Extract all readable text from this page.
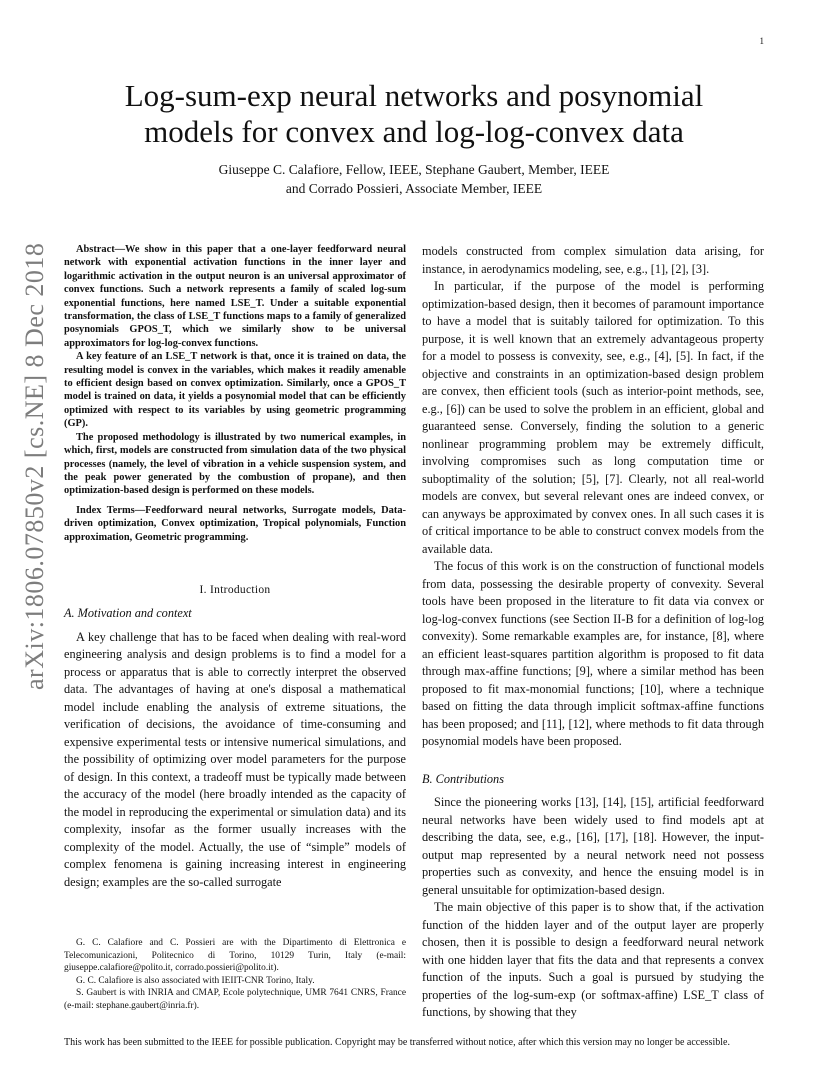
1
arXiv:1806.07850v2 [cs.NE] 8 Dec 2018
Log-sum-exp neural networks and posynomial
models for convex and log-log-convex data
Giuseppe C. Calafiore, Fellow, IEEE, Stephane Gaubert, Member, IEEE
and Corrado Possieri, Associate Member, IEEE

Abstract—We show in this paper that a one-layer feedforward neural network with exponential activation functions in the inner layer and logarithmic activation in the output neuron is an universal approximator of convex functions. Such a network represents a family of scaled log-sum exponential functions, here named LSE_T. Under a suitable exponential transformation, the class of LSE_T functions maps to a family of generalized posynomials GPOS_T, which we similarly show to be universal approximators for log-log-convex functions.

A key feature of an LSE_T network is that, once it is trained on data, the resulting model is convex in the variables, which makes it readily amenable to efficient design based on convex optimization. Similarly, once a GPOS_T model is trained on data, it yields a posynomial model that can be efficiently optimized with respect to its variables by using geometric programming (GP).

The proposed methodology is illustrated by two numerical examples, in which, first, models are constructed from simulation data of the two physical processes (namely, the level of vibration in a vehicle suspension system, and the peak power generated by the combustion of propane), and then optimization-based design is performed on these models.

Index Terms—Feedforward neural networks, Surrogate models, Data-driven optimization, Convex optimization, Tropical polynomials, Function approximation, Geometric programming.
I. Introduction
A. Motivation and context

A key challenge that has to be faced when dealing with real-word engineering analysis and design problems is to find a model for a process or apparatus that is able to correctly interpret the observed data. The advantages of having at one's disposal a mathematical model include enabling the analysis of extreme situations, the verification of decisions, the avoidance of time-consuming and expensive experimental tests or intensive numerical simulations, and the possibility of optimizing over model parameters for the purpose of design. In this context, a tradeoff must be typically made between the accuracy of the model (here broadly intended as the capacity of the model in reproducing the experimental or simulation data) and its complexity, insofar as the former usually increases with the complexity of the model. Actually, the use of “simple” models of complex fenomena is gaining increasing interest in engineering design; examples are the so-called surrogate

models constructed from complex simulation data arising, for instance, in aerodynamics modeling, see, e.g., [1], [2], [3].

In particular, if the purpose of the model is performing optimization-based design, then it becomes of paramount importance to have a model that is suitably tailored for optimization. To this purpose, it is well known that an extremely advantageous property for a model to possess is convexity, see, e.g., [4], [5]. In fact, if the objective and constraints in an optimization-based design problem are convex, then efficient tools (such as interior-point methods, see, e.g., [6]) can be used to solve the problem in an efficient, global and guaranteed sense. Conversely, finding the solution to a generic nonlinear programming problem may be extremely difficult, involving compromises such as long computation time or suboptimality of the solution; [5], [7]. Clearly, not all real-world models are convex, but several relevant ones are indeed convex, or can anyways be approximated by convex ones. In all such cases it is of critical importance to be able to construct convex models from the available data.

The focus of this work is on the construction of functional models from data, possessing the desirable property of convexity. Several tools have been proposed in the literature to fit data via convex or log-log-convex functions (see Section II-B for a definition of log-log convexity). Some remarkable examples are, for instance, [8], where an efficient least-squares partition algorithm is proposed to fit data through max-affine functions; [9], where a similar method has been proposed to fit max-monomial functions; [10], where a technique based on fitting the data through implicit softmax-affine functions has been proposed; and [11], [12], where methods to fit data through posynomial models have been proposed.

B. Contributions

Since the pioneering works [13], [14], [15], artificial feedforward neural networks have been widely used to find models apt at describing the data, see, e.g., [16], [17], [18]. However, the input-output map represented by a neural network need not possess properties such as convexity, and hence the ensuing model is in general unsuitable for optimization-based design.

The main objective of this paper is to show that, if the activation function of the hidden layer and of the output layer are properly chosen, then it is possible to design a feedforward neural network with one hidden layer that fits the data and that represents a convex function of the inputs. Such a goal is pursued by studying the properties of the log-sum-exp (or softmax-affine) LSE_T class of functions, by showing that they

G. C. Calafiore and C. Possieri are with the Dipartimento di Elettronica e Telecomunicazioni, Politecnico di Torino, 10129 Turin, Italy (e-mail: giuseppe.calafiore@polito.it, corrado.possieri@polito.it).

G. C. Calafiore is also associated with IEIIT-CNR Torino, Italy.

S. Gaubert is with INRIA and CMAP, Ecole polytechnique, UMR 7641 CNRS, France (e-mail: stephane.gaubert@inria.fr).

This work has been submitted to the IEEE for possible publication. Copyright may be transferred without notice, after which this version may no longer be accessible.
